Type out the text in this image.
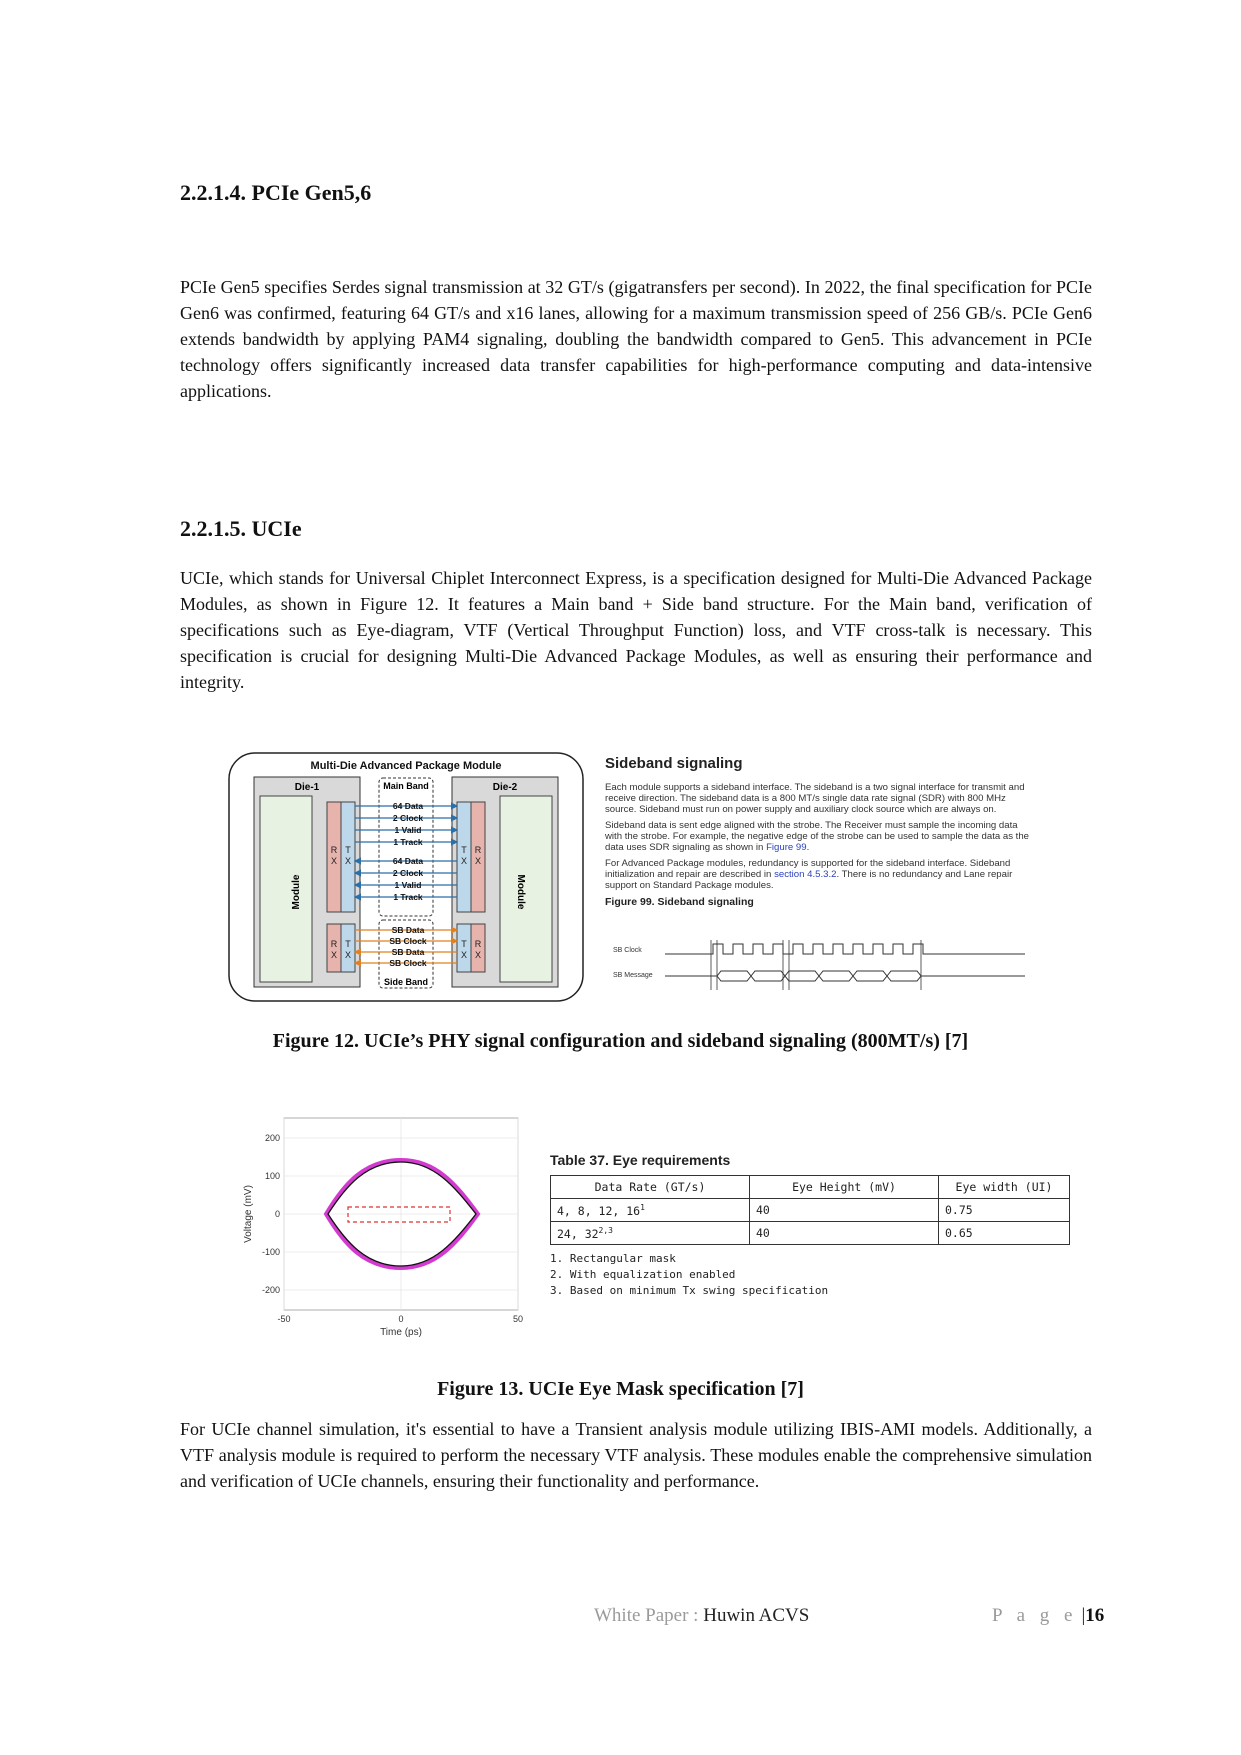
2.2.1.4. PCIe Gen5,6

PCIe Gen5 specifies Serdes signal transmission at 32 GT/s (gigatransfers per second). In 2022, the final specification for PCIe Gen6 was confirmed, featuring 64 GT/s and x16 lanes, allowing for a maximum transmission speed of 256 GB/s. PCIe Gen6 extends bandwidth by applying PAM4 signaling, doubling the bandwidth compared to Gen5. This advancement in PCIe technology offers significantly increased data transfer capabilities for high-performance computing and data-intensive applications.

2.2.1.5. UCIe

UCIe, which stands for Universal Chiplet Interconnect Express, is a specification designed for Multi-Die Advanced Package Modules, as shown in Figure 12. It features a Main band + Side band structure. For the Main band, verification of specifications such as Eye-diagram, VTF (Vertical Throughput Function) loss, and VTF cross-talk is necessary. This specification is crucial for designing Multi-Die Advanced Package Modules, as well as ensuring their performance and integrity.

Multi-Die Advanced Package Module
Die-1
Module
Die-2
Module
R
X
T
X
R
X
T
X
T
X
R
X
T
X
R
X
Main Band
Side Band
64 Data
2 Clock
1 Valid
1 Track
64 Data
2 Clock
1 Valid
1 Track
SB Data
SB Clock
SB Data
SB Clock
Sideband signaling

Each module supports a sideband interface. The sideband is a two signal interface for transmit and receive direction. The sideband data is a 800 MT/s single data rate signal (SDR) with 800 MHz source. Sideband must run on power supply and auxiliary clock source which are always on.

Sideband data is sent edge aligned with the strobe. The Receiver must sample the incoming data with the strobe. For example, the negative edge of the strobe can be used to sample the data as the data uses SDR signaling as shown in Figure 99.

For Advanced Package modules, redundancy is supported for the sideband interface. Sideband initialization and repair are described in section 4.5.3.2. There is no redundancy and Lane repair support on Standard Package modules.

Figure 99. Sideband signaling
SB Clock
SB Message
Figure 12. UCIe’s PHY signal configuration and sideband signaling (800MT/s) [7]
200
100
0
-100
-200
-50	0	50
Time (ps)
Voltage (mV)
Table 37. Eye requirements
Data Rate (GT/s)	Eye Height (mV)	Eye width (UI)
4, 8, 12, $16^1$	40	0.75
24, 32$^{2,3}$	40	0.65
1. Rectangular mask
2. With equalization enabled
3. Based on minimum Tx swing specification
Figure 13. UCIe Eye Mask specification [7]

For UCIe channel simulation, it's essential to have a Transient analysis module utilizing IBIS-AMI models. Additionally, a VTF analysis module is required to perform the necessary VTF analysis. These modules enable the comprehensive simulation and verification of UCIe channels, ensuring their functionality and performance.

White Paper : Huwin ACVS	P a g e |16
